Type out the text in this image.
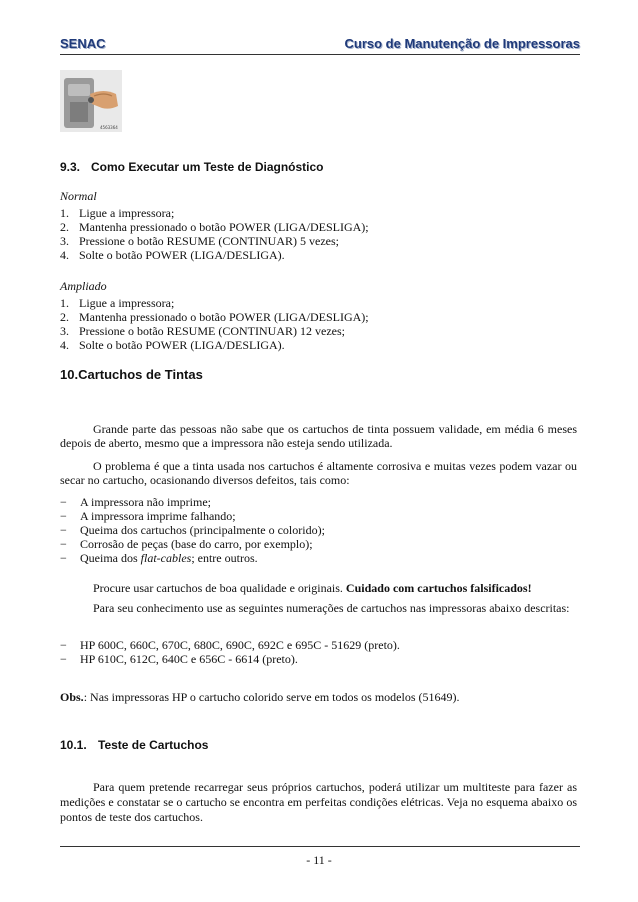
SENAC	Curso de Manutenção de Impressoras
4563364
9.3. Como Executar um Teste de Diagnóstico
Normal
1. Ligue a impressora;
2. Mantenha pressionado o botão POWER (LIGA/DESLIGA);
3. Pressione o botão RESUME (CONTINUAR) 5 vezes;
4. Solte o botão POWER (LIGA/DESLIGA).
Ampliado
1. Ligue a impressora;
2. Mantenha pressionado o botão POWER (LIGA/DESLIGA);
3. Pressione o botão RESUME (CONTINUAR) 12 vezes;
4. Solte o botão POWER (LIGA/DESLIGA).
10.Cartuchos de Tintas
Grande parte das pessoas não sabe que os cartuchos de tinta possuem validade, em média 6 meses depois de aberto, mesmo que a impressora não esteja sendo utilizada.
O problema é que a tinta usada nos cartuchos é altamente corrosiva e muitas vezes podem vazar ou secar no cartucho, ocasionando diversos defeitos, tais como:
− A impressora não imprime;
− A impressora imprime falhando;
− Queima dos cartuchos (principalmente o colorido);
− Corrosão de peças (base do carro, por exemplo);
− Queima dos flat-cables; entre outros.
Procure usar cartuchos de boa qualidade e originais. Cuidado com cartuchos falsificados!
Para seu conhecimento use as seguintes numerações de cartuchos nas impressoras abaixo descritas:
− HP 600C, 660C, 670C, 680C, 690C, 692C e 695C - 51629 (preto).
− HP 610C, 612C, 640C e 656C - 6614 (preto).
Obs.: Nas impressoras HP o cartucho colorido serve em todos os modelos (51649).
10.1. Teste de Cartuchos
Para quem pretende recarregar seus próprios cartuchos, poderá utilizar um multiteste para fazer as medições e constatar se o cartucho se encontra em perfeitas condições elétricas. Veja no esquema abaixo os pontos de teste dos cartuchos.
- 11 -
